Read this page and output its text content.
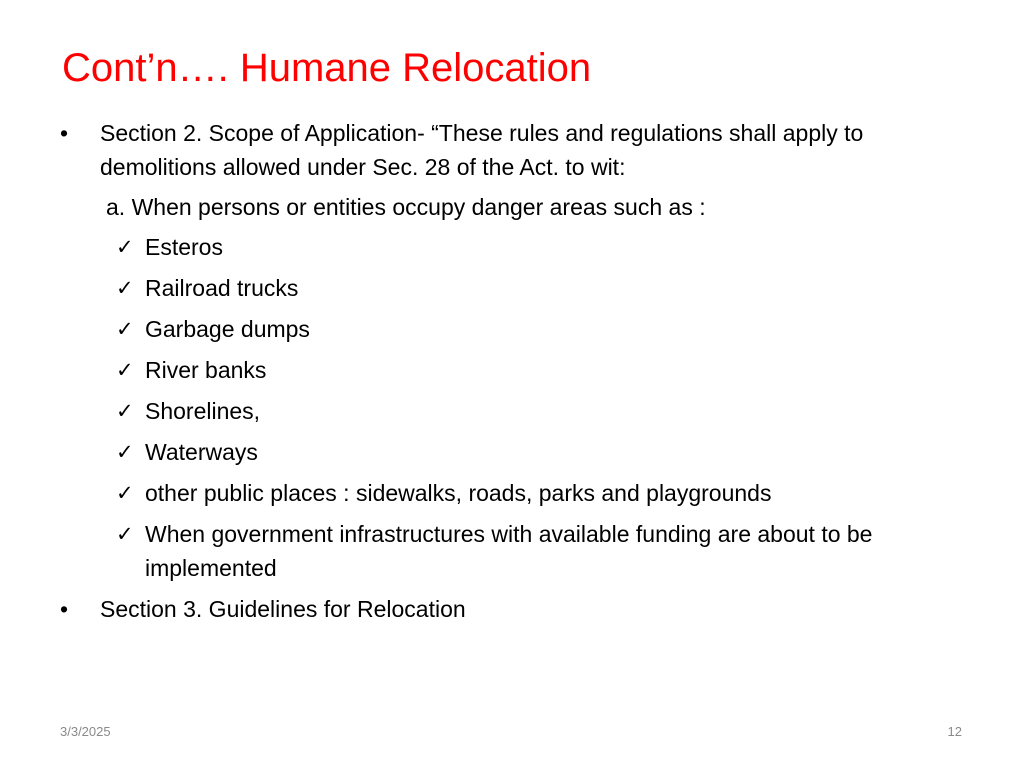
Cont’n…. Humane Relocation
•	Section 2. Scope of Application- “These rules and regulations shall apply to demolitions allowed under Sec. 28 of the Act. to wit:
a. When persons or entities occupy danger areas such as :
✓ Esteros
✓ Railroad trucks
✓ Garbage dumps
✓ River banks
✓ Shorelines,
✓ Waterways
✓ other public places : sidewalks, roads, parks and playgrounds
✓ When government infrastructures with available funding are about to be implemented
•	Section 3. Guidelines for Relocation
3/3/2025	12
